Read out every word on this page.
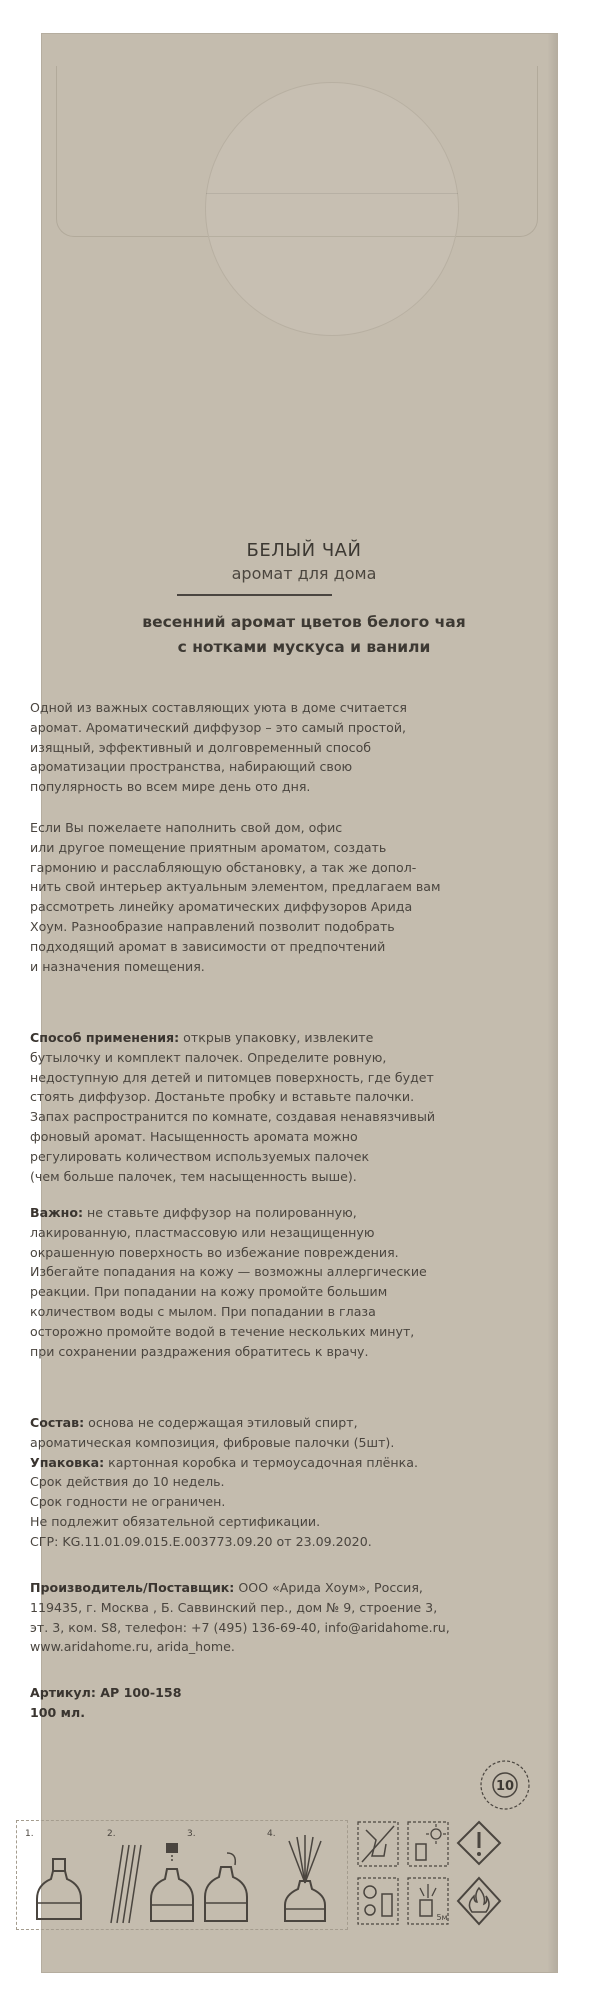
БЕЛЫЙ ЧАЙ
аромат для дома
весенний аромат цветов белого чая
с нотками мускуса и ванили
Одной из важных составляющих уюта в доме считается
аромат. Ароматический диффузор – это самый простой,
изящный, эффективный и долговременный способ
ароматизации пространства, набирающий свою
популярность во всем мире день ото дня.
Если Вы пожелаете наполнить свой дом, офис
или другое помещение приятным ароматом, создать
гармонию и расслабляющую обстановку, а так же допол-
нить свой интерьер актуальным элементом, предлагаем вам
рассмотреть линейку ароматических диффузоров Арида
Хоум. Разнообразие направлений позволит подобрать
подходящий аромат в зависимости от предпочтений
и назначения помещения.
Способ применения: открыв упаковку, извлеките
бутылочку и комплект палочек. Определите ровную,
недоступную для детей и питомцев поверхность, где будет
стоять диффузор. Достаньте пробку и вставьте палочки.
Запах распространится по комнате, создавая ненавязчивый
фоновый аромат. Насыщенность аромата можно
регулировать количеством используемых палочек
(чем больше палочек, тем насыщенность выше).
Важно: не ставьте диффузор на полированную,
лакированную, пластмассовую или незащищенную
окрашенную поверхность во избежание повреждения.
Избегайте попадания на кожу — возможны аллергические
реакции. При попадании на кожу промойте большим
количеством воды с мылом. При попадании в глаза
осторожно промойте водой в течение нескольких минут,
при сохранении раздражения обратитесь к врачу.
Состав: основа не содержащая этиловый спирт,
ароматическая композиция, фибровые палочки (5шт).
Упаковка: картонная коробка и термоусадочная плёнка.
Срок действия до 10 недель.
Срок годности не ограничен.
Не подлежит обязательной сертификации.
СГР: KG.11.01.09.015.Е.003773.09.20 от 23.09.2020.
Производитель/Поставщик: ООО «Арида Хоум», Россия,
119435, г. Москва , Б. Саввинский пер., дом № 9, строение 3,
эт. 3, ком. S8, телефон: +7 (495) 136-69-40, info@aridahome.ru,
www.aridahome.ru, arida_home.
Артикул: АР 100-158
100 мл.
10
1.	2.	3.	4.
5м
